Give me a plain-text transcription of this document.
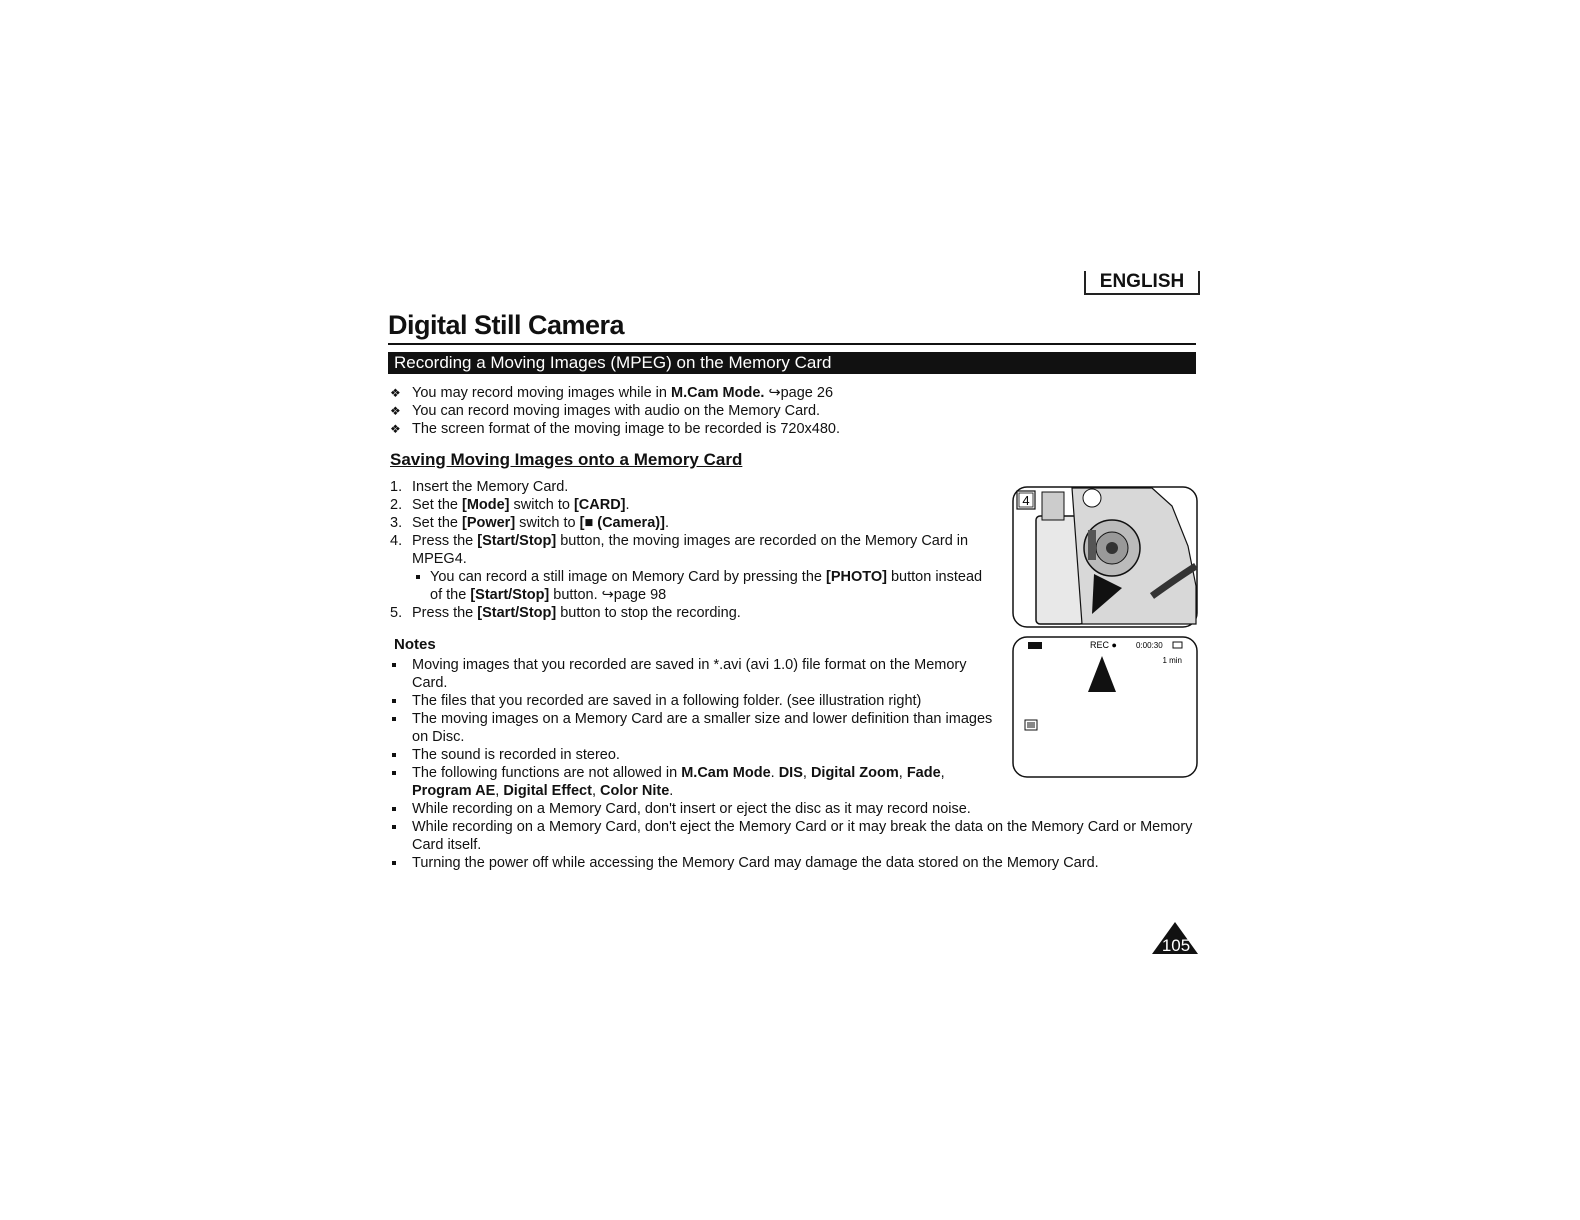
ENGLISH
Digital Still Camera
Recording a Moving Images (MPEG) on the Memory Card
❖ You may record moving images while in M.Cam Mode. ↪page 26
❖ You can record moving images with audio on the Memory Card.
❖ The screen format of the moving image to be recorded is 720x480.
Saving Moving Images onto a Memory Card
1. Insert the Memory Card.
2. Set the [Mode] switch to [CARD].
3. Set the [Power] switch to [■ (Camera)].
4. Press the [Start/Stop] button, the moving images are recorded on the Memory Card in MPEG4.
You can record a still image on Memory Card by pressing the [PHOTO] button instead of the [Start/Stop] button. ↪page 98
5. Press the [Start/Stop] button to stop the recording.
Notes
Moving images that you recorded are saved in *.avi (avi 1.0) file format on the Memory Card.
The files that you recorded are saved in a following folder. (see illustration right)
The moving images on a Memory Card are a smaller size and lower definition than images on Disc.
The sound is recorded in stereo.
The following functions are not allowed in M.Cam Mode. DIS, Digital Zoom, Fade,
Program AE, Digital Effect, Color Nite.
While recording on a Memory Card, don't insert or eject the disc as it may record noise.
While recording on a Memory Card, don't eject the Memory Card or it may break the data on the Memory Card or Memory Card itself.
Turning the power off while accessing the Memory Card may damage the data stored on the Memory Card.
4
REC ● 0:00:30
1 min
105
